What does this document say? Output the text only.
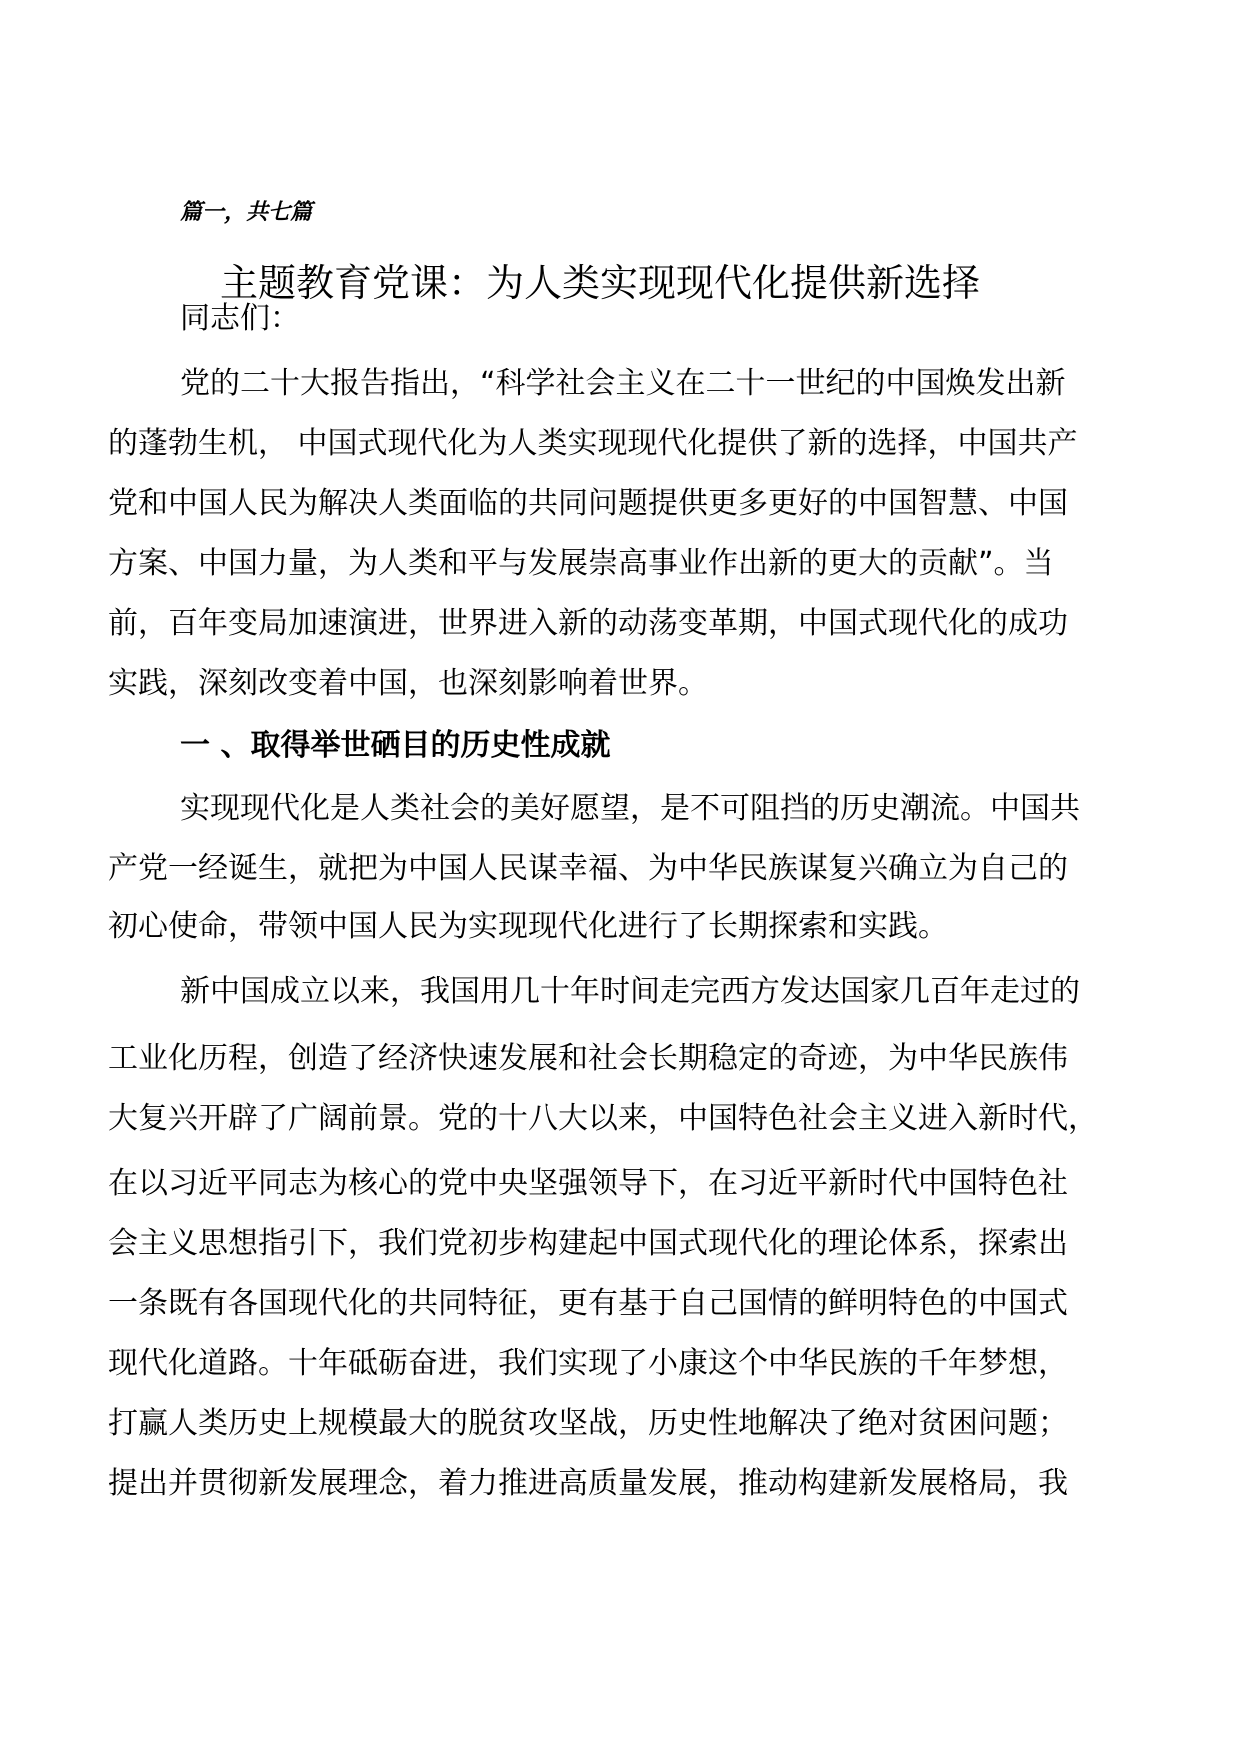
篇一，共七篇
主题教育党课：为人类实现现代化提供新选择
同志们：
党的二十大报告指出，“科学社会主义在二十一世纪的中国焕发出新
的蓬勃生机， 中国式现代化为人类实现现代化提供了新的选择，中国共产
党和中国人民为解决人类面临的共同问题提供更多更好的中国智慧、中国
方案、中国力量，为人类和平与发展崇高事业作出新的更大的贡献”。当
前，百年变局加速演进，世界进入新的动荡变革期，中国式现代化的成功
实践，深刻改变着中国，也深刻影响着世界。
一 、取得举世硒目的历史性成就
实现现代化是人类社会的美好愿望，是不可阻挡的历史潮流。中国共
产党一经诞生，就把为中国人民谋幸福、为中华民族谋复兴确立为自己的
初心使命，带领中国人民为实现现代化进行了长期探索和实践。
新中国成立以来，我国用几十年时间走完西方发达国家几百年走过的
工业化历程，创造了经济快速发展和社会长期稳定的奇迹，为中华民族伟
大复兴开辟了广阔前景。党的十八大以来，中国特色社会主义进入新时代，
在以习近平同志为核心的党中央坚强领导下，在习近平新时代中国特色社
会主义思想指引下，我们党初步构建起中国式现代化的理论体系，探索出
一条既有各国现代化的共同特征，更有基于自己国情的鲜明特色的中国式
现代化道路。十年砥砺奋进，我们实现了小康这个中华民族的千年梦想，
打赢人类历史上规模最大的脱贫攻坚战，历史性地解决了绝对贫困问题；
提出并贯彻新发展理念，着力推进高质量发展，推动构建新发展格局，我
